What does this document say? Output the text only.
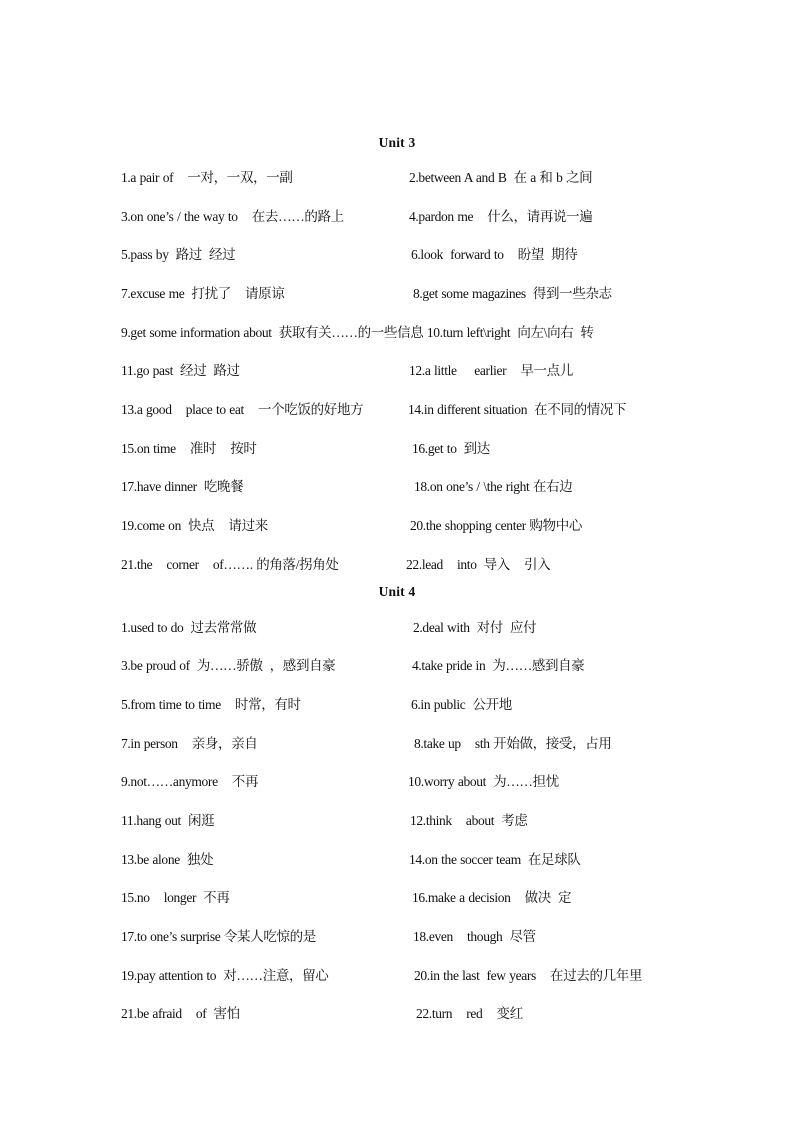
Unit 3
1.a pair of    一对，一双，一副	2.between A and B  在 a 和 b 之间
3.on one’s / the way to    在去……的路上	4.pardon me    什么，请再说一遍
5.pass by  路过  经过	6.look  forward to    盼望  期待
7.excuse me  打扰了    请原谅	8.get some magazines  得到一些杂志
9.get some information about  获取有关……的一些信息 10.turn left\right  向左\向右  转
11.go past  经过  路过	12.a little     earlier    早一点儿
13.a good    place to eat    一个吃饭的好地方	14.in different situation  在不同的情况下
15.on time    准时    按时	16.get to  到达
17.have dinner  吃晚餐	18.on one’s / \the right 在右边
19.come on  快点    请过来	20.the shopping center 购物中心
21.the    corner    of……. 的角落/拐角处	22.lead    into  导入    引入
Unit 4
1.used to do  过去常常做	2.deal with  对付  应付
3.be proud of  为……骄傲  ，感到自豪	4.take pride in  为……感到自豪
5.from time to time    时常，有时	6.in public  公开地
7.in person    亲身，亲自	8.take up    sth 开始做，接受，占用
9.not……anymore    不再	10.worry about  为……担忧
11.hang out  闲逛	12.think    about  考虑
13.be alone  独处	14.on the soccer team  在足球队
15.no    longer  不再	16.make a decision    做决  定
17.to one’s surprise 令某人吃惊的是	18.even    though  尽管
19.pay attention to  对……注意，留心	20.in the last  few years    在过去的几年里
21.be afraid    of  害怕	22.turn    red    变红
